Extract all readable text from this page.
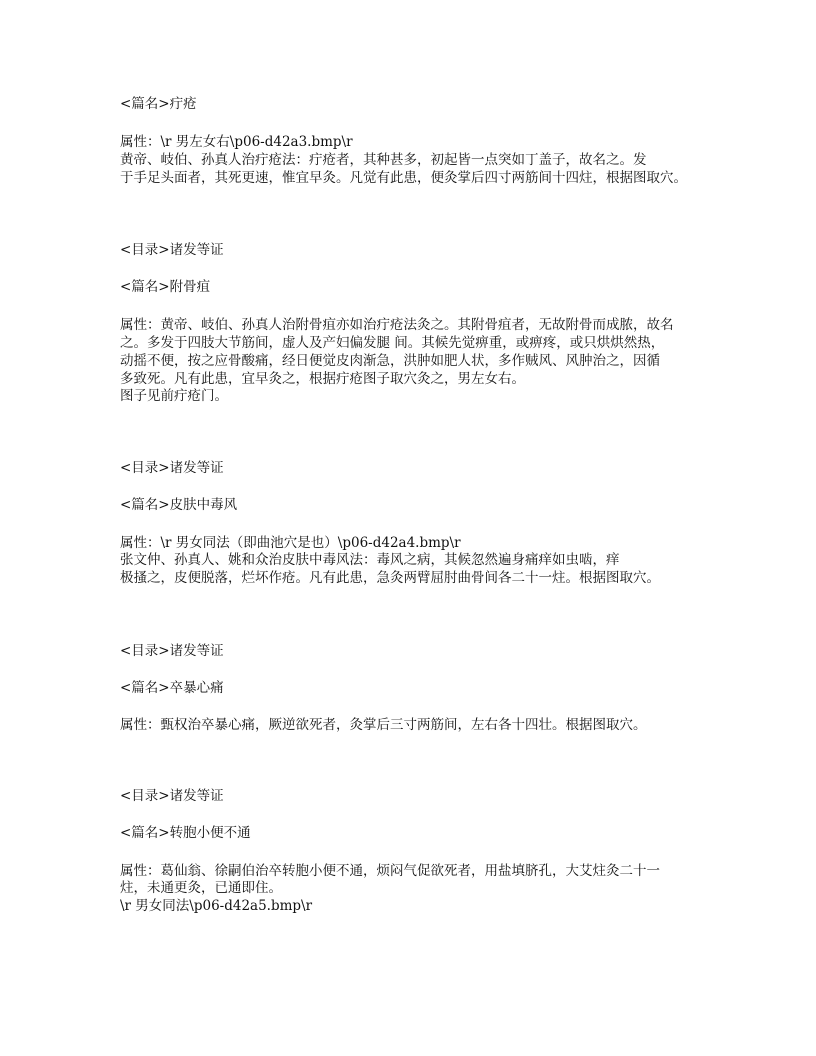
<篇名>疔疮
属性：\r 男左女右\p06-d42a3.bmp\r
黄帝、岐伯、孙真人治疔疮法：疔疮者，其种甚多，初起皆一点突如丁盖子，故名之。发
于手足头面者，其死更速，惟宜早灸。凡觉有此患，便灸掌后四寸两筋间十四炷，根据图取穴。
<目录>诸发等证
<篇名>附骨疽
属性：黄帝、岐伯、孙真人治附骨疽亦如治疔疮法灸之。其附骨疽者，无故附骨而成脓，故名
之。多发于四肢大节筋间，虚人及产妇偏发腿 间。其候先觉痹重，或痹疼，或只烘烘然热，
动摇不便，按之应骨酸痛，经日便觉皮肉渐急，洪肿如肥人状，多作贼风、风肿治之，因循
多致死。凡有此患，宜早灸之，根据疔疮图子取穴灸之，男左女右。
图子见前疔疮门。
<目录>诸发等证
<篇名>皮肤中毒风
属性：\r 男女同法（即曲池穴是也）\p06-d42a4.bmp\r
张文仲、孙真人、姚和众治皮肤中毒风法：毒风之病，其候忽然遍身痛痒如虫啮，痒
极搔之，皮便脱落，烂坏作疮。凡有此患，急灸两臂屈肘曲骨间各二十一炷。根据图取穴。
<目录>诸发等证
<篇名>卒暴心痛
属性：甄权治卒暴心痛，厥逆欲死者，灸掌后三寸两筋间，左右各十四壮。根据图取穴。
<目录>诸发等证
<篇名>转胞小便不通
属性：葛仙翁、徐嗣伯治卒转胞小便不通，烦闷气促欲死者，用盐填脐孔，大艾炷灸二十一
炷，未通更灸，已通即住。
\r 男女同法\p06-d42a5.bmp\r
